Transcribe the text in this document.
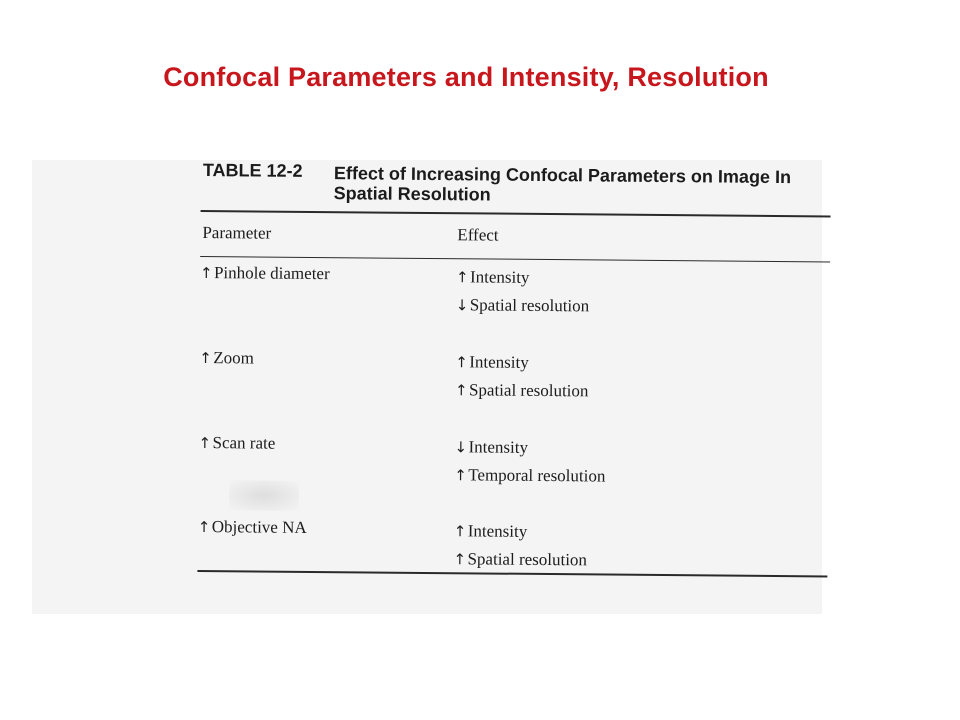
Confocal Parameters and Intensity, Resolution
TABLE 12-2 Effect of Increasing Confocal Parameters on Image In
Spatial Resolution
Parameter	Effect
↑Pinhole diameter	↑Intensity
↓Spatial resolution
↑Zoom	↑Intensity
↑Spatial resolution
↑Scan rate	↓Intensity
↑Temporal resolution
↑Objective NA	↑Intensity
↑Spatial resolution
